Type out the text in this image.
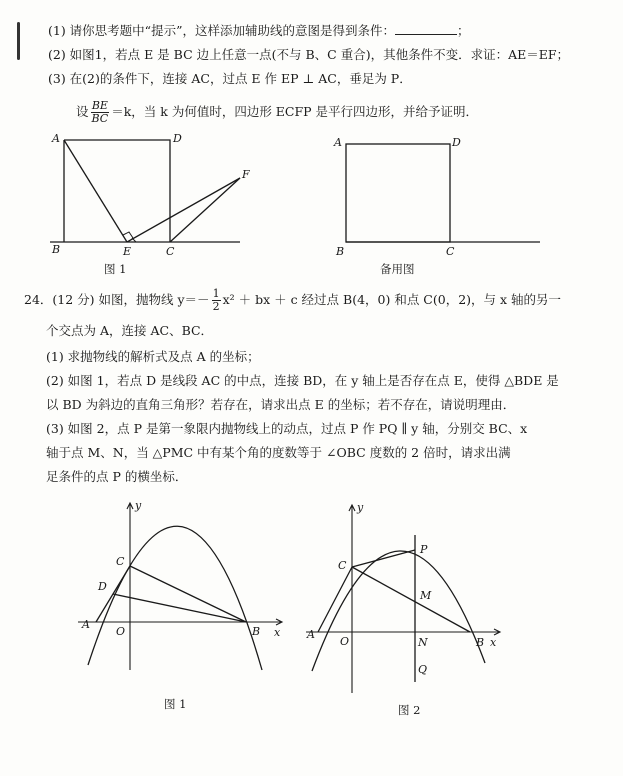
(1) 请你思考题中“提示”，这样添加辅助线的意图是得到条件：	；
(2) 如图1，若点 E 是 BC 边上任意一点(不与 B、C 重合)，其他条件不变．求证：AE＝EF；
(3) 在(2)的条件下，连接 AC，过点 E 作 EP ⊥ AC，垂足为 P．
设 $\frac{BE}{BC} =k$，当 k 为何值时，四边形 ECFP 是平行四边形，并给予证明．
A	D
B	E	C
F
图 1
A	D
B	C
备用图
24．(12 分) 如图，抛物线 $y=- \frac{1}{2} x^2$ ＋ bx ＋ c 经过点 B(4，0) 和点 C(0，2)，与 x 轴的另一
个交点为 A，连接 AC、BC．
(1) 求抛物线的解析式及点 A 的坐标；
(2) 如图 1，若点 D 是线段 AC 的中点，连接 BD，在 y 轴上是否存在点 E，使得 △BDE 是
以 BD 为斜边的直角三角形？若存在，请求出点 E 的坐标；若不存在，请说明理由．
(3) 如图 2，点 P 是第一象限内抛物线上的动点，过点 P 作 PQ ∥ y 轴，分别交 BC、x
轴于点 M、N，当 △PMC 中有某个角的度数等于 ∠OBC 度数的 2 倍时，请求出满
足条件的点 P 的横坐标．
y
x
O
A
B
C
D
图 1
y
x
O
A
B
C
P
M
N
Q
图 2
